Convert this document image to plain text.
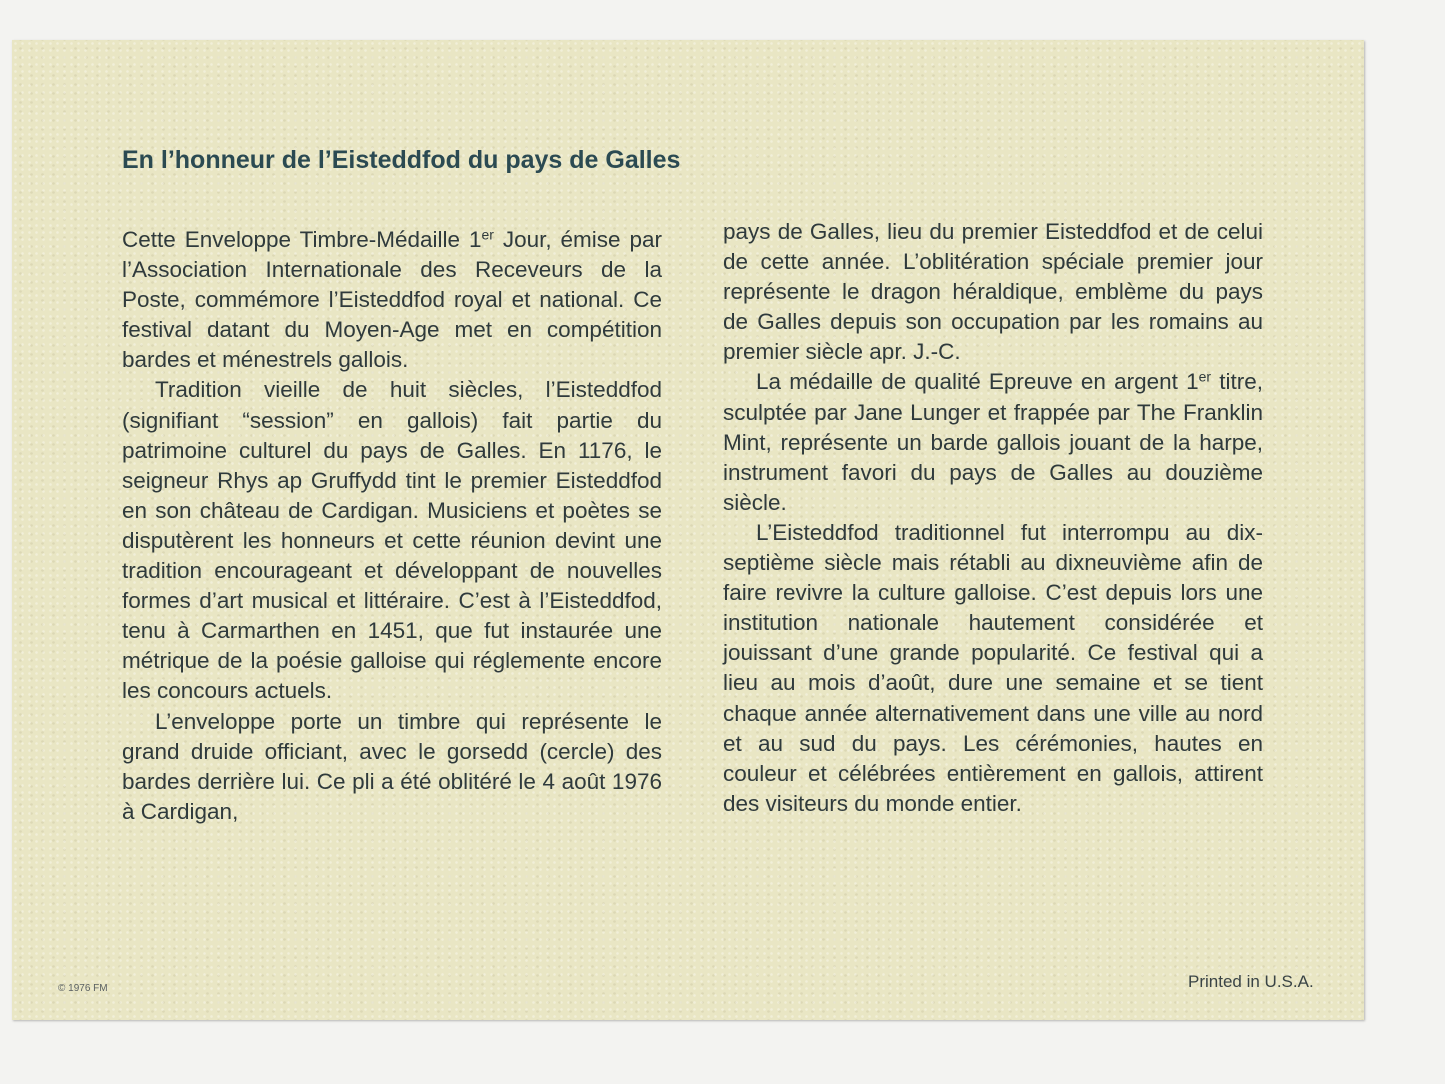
En l’honneur de l’Eisteddfod du pays de Galles

Cette Enveloppe Timbre-Médaille 1er Jour, émise par l’Association Internationale des Receveurs de la Poste, commémore l’Eisteddfod royal et national. Ce festival datant du Moyen-Age met en compétition bardes et ménestrels gallois.

Tradition vieille de huit siècles, l’Eisteddfod (signifiant “session” en gallois) fait partie du patrimoine culturel du pays de Galles. En 1176, le seigneur Rhys ap Gruffydd tint le premier Eisteddfod en son château de Cardigan. Musiciens et poètes se disputèrent les honneurs et cette réunion devint une tradition encourageant et développant de nouvelles formes d’art musical et littéraire. C’est à l’Eisteddfod, tenu à Carmarthen en 1451, que fut instaurée une métrique de la poésie galloise qui réglemente encore les concours actuels.

L’enveloppe porte un timbre qui représente le grand druide officiant, avec le gorsedd (cercle) des bardes derrière lui. Ce pli a été oblitéré le 4 août 1976 à Cardigan,

pays de Galles, lieu du premier Eisteddfod et de celui de cette année. L’oblitération spéciale premier jour représente le dragon héraldique, emblème du pays de Galles depuis son occupation par les romains au premier siècle apr. J.-C.

La médaille de qualité Epreuve en argent 1er titre, sculptée par Jane Lunger et frappée par The Franklin Mint, représente un barde gallois jouant de la harpe, instrument favori du pays de Galles au douzième siècle.

L’Eisteddfod traditionnel fut interrompu au dix-septième siècle mais rétabli au dixneuvième afin de faire revivre la culture galloise. C’est depuis lors une institution nationale hautement considérée et jouissant d’une grande popularité. Ce festival qui a lieu au mois d’août, dure une semaine et se tient chaque année alternativement dans une ville au nord et au sud du pays. Les cérémonies, hautes en couleur et célébrées entièrement en gallois, attirent des visiteurs du monde entier.

© 1976 FM	Printed in U.S.A.
